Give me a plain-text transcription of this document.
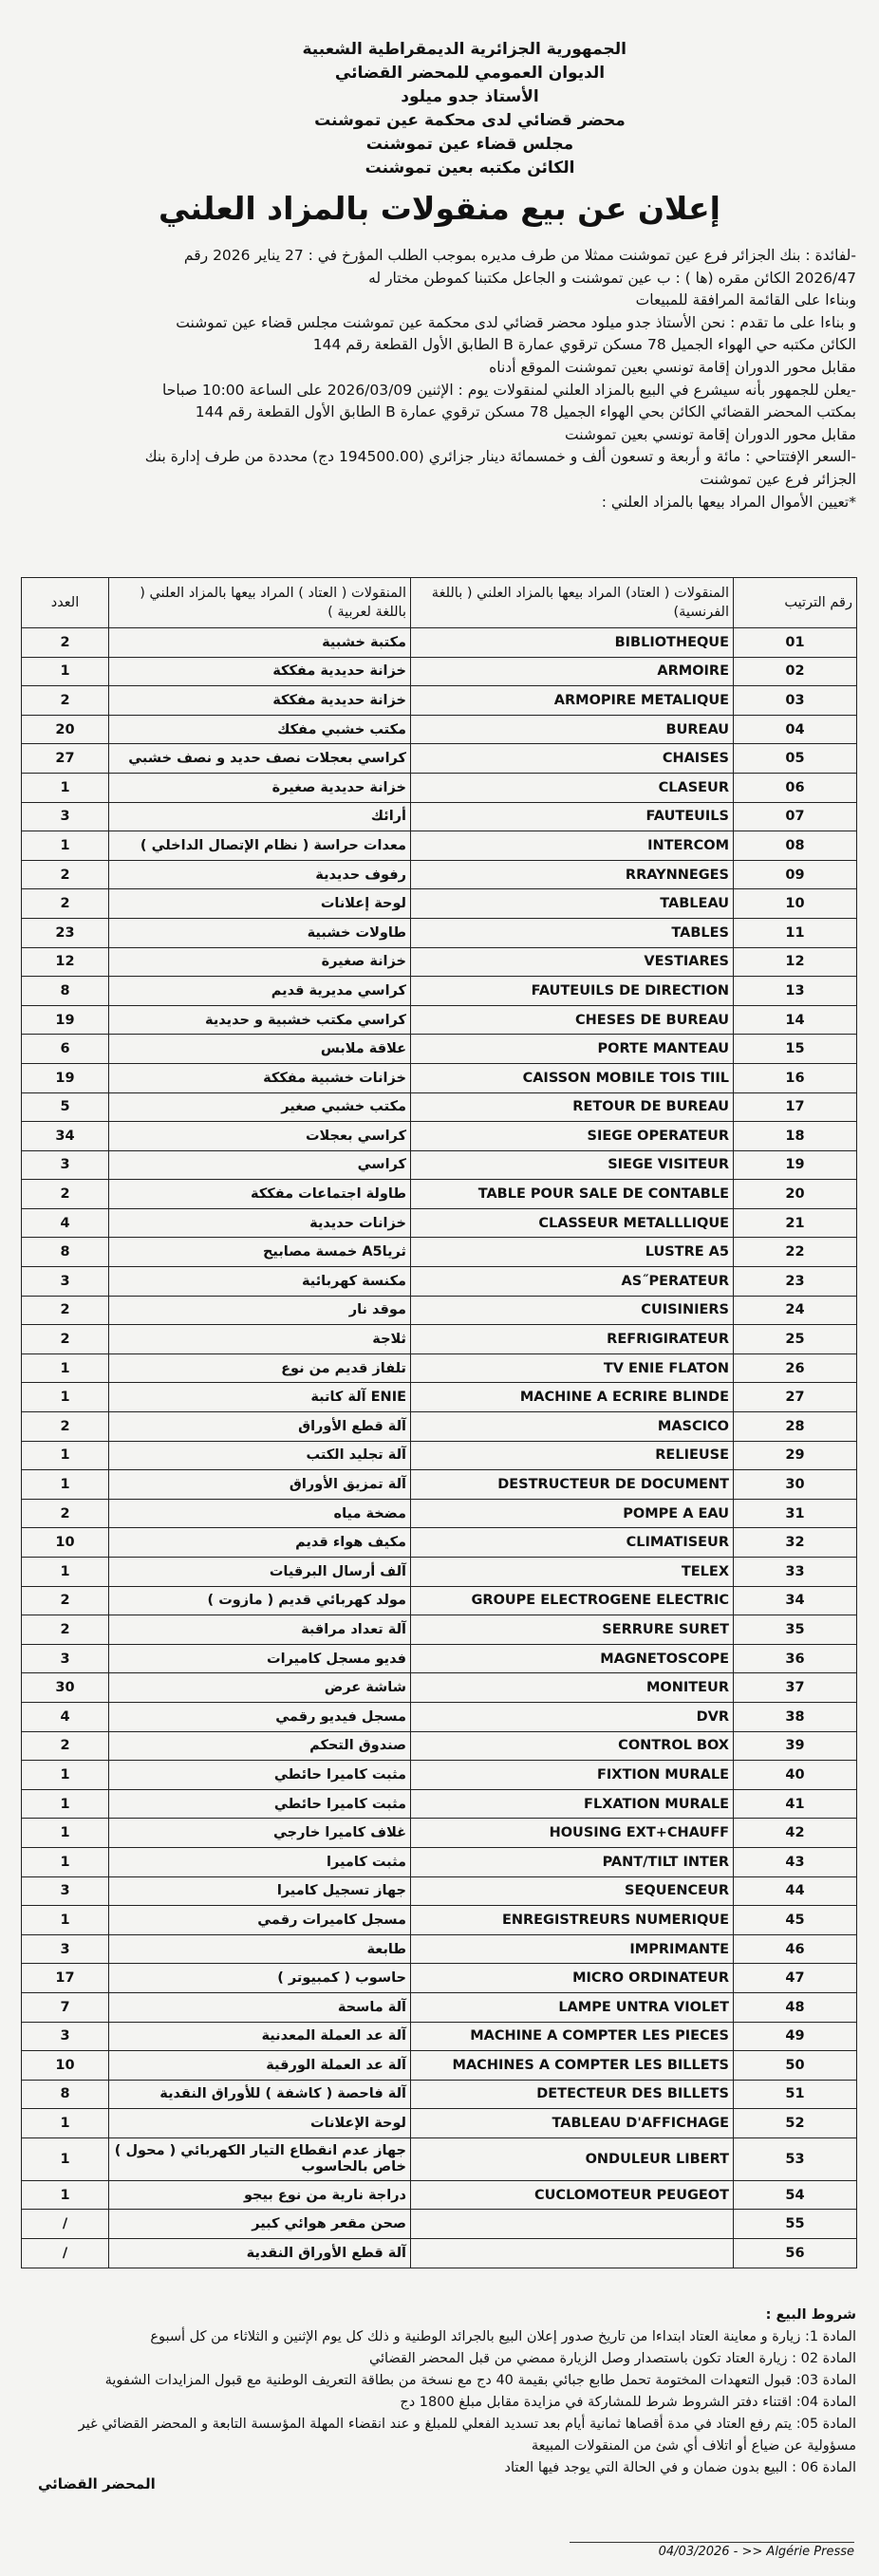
الجمهورية الجزائرية الديمقراطية الشعبية
الديوان العمومي للمحضر القضائي
الأستاذ جدو ميلود
محضر قضائي لدى محكمة عين تموشنت
مجلس قضاء عين تموشنت
الكائن مكتبه بعين تموشنت
إعلان عن بيع منقولات بالمزاد العلني
-لفائدة : بنك الجزائر فرع عين تموشنت ممثلا من طرف مديره بموجب الطلب المؤرخ في : 27 يناير 2026 رقم
2026/47 الكائن مقره (ها ) : ب عين تموشنت و الجاعل مكتبنا كموطن مختار له
وبناءا على القائمة المرافقة للمبيعات
و بناءا على ما تقدم : نحن الأستاذ جدو ميلود محضر قضائي لدى محكمة عين تموشنت مجلس قضاء عين تموشنت
الكائن مكتبه حي الهواء الجميل 78 مسكن ترقوي عمارة B الطابق الأول القطعة رقم 144
مقابل محور الدوران إقامة تونسي بعين تموشنت الموقع أدناه
-يعلن للجمهور بأنه سيشرع في البيع بالمزاد العلني لمنقولات يوم : الإثنين 2026/03/09 على الساعة 10:00 صباحا
بمكتب المحضر القضائي الكائن بحي الهواء الجميل 78 مسكن ترقوي عمارة B الطابق الأول القطعة رقم 144
مقابل محور الدوران إقامة تونسي بعين تموشنت
-السعر الإفتتاحي : مائة و أربعة و تسعون ألف و خمسمائة دينار جزائري (194500.00 دج) محددة من طرف إدارة بنك
الجزائر فرع عين تموشنت
*تعيين الأموال المراد بيعها بالمزاد العلني :
العدد	المنقولات ( العتاد ) المراد بيعها بالمزاد العلني ( باللغة لعربية )	المنقولات ( العتاد) المراد بيعها بالمزاد العلني ( باللغة الفرنسية)	رقم الترتيب
2	مكتبة خشبية	BIBLIOTHEQUE	01
1	خزانة حديدية مفككة	ARMOIRE	02
2	خزانة حديدية مفككة	ARMOPIRE METALIQUE	03
20	مكتب خشبي مفكك	BUREAU	04
27	كراسي بعجلات نصف حديد و نصف خشبي	CHAISES	05
1	خزانة حديدية صغيرة	CLASEUR	06
3	أرائك	FAUTEUILS	07
1	معدات حراسة ( نظام الإتصال الداخلي )	INTERCOM	08
2	رفوف حديدية	RRAYNNEGES	09
2	لوحة إعلانات	TABLEAU	10
23	طاولات خشبية	TABLES	11
12	خزانة صغيرة	VESTIARES	12
8	كراسي مديرية قديم	FAUTEUILS DE DIRECTION	13
19	كراسي مكتب خشبية و حديدية	CHESES DE BUREAU	14
6	علاقة ملابس	PORTE MANTEAU	15
19	خزانات خشبية مفككة	CAISSON MOBILE TOIS TIIL	16
5	مكتب خشبي صغير	RETOUR DE BUREAU	17
34	كراسي بعجلات	SIEGE OPERATEUR	18
3	كراسي	SIEGE VISITEUR	19
2	طاولة اجتماعات مفككة	TABLE POUR SALE DE CONTABLE	20
4	خزانات حديدية	CLASSEUR METALLLIQUE	21
8	ثرياA5 خمسة مصابيح	LUSTRE A5	22
3	مكنسة كهربائية	AS˝PERATEUR	23
2	موقد نار	CUISINIERS	24
2	ثلاجة	REFRIGIRATEUR	25
1	تلفاز قديم من نوع	TV ENIE FLATON	26
1	ENIE آلة كاتبة	MACHINE A ECRIRE BLINDE	27
2	آلة قطع الأوراق	MASCICO	28
1	آلة تجليد الكتب	RELIEUSE	29
1	آلة تمزيق الأوراق	DESTRUCTEUR DE DOCUMENT	30
2	مضخة مياه	POMPE A EAU	31
10	مكيف هواء قديم	CLIMATISEUR	32
1	آلف أرسال البرقيات	TELEX	33
2	مولد كهربائي قديم ( مازوت )	GROUPE ELECTROGENE ELECTRIC	34
2	آلة تعداد مراقبة	SERRURE SURET	35
3	فديو مسجل كاميرات	MAGNETOSCOPE	36
30	شاشة عرض	MONITEUR	37
4	مسجل فيديو رقمي	DVR	38
2	صندوق التحكم	CONTROL BOX	39
1	مثبت كاميرا حائطي	FIXTION MURALE	40
1	مثبت كاميرا حائطي	FLXATION MURALE	41
1	غلاف كاميرا خارجي	HOUSING EXT+CHAUFF	42
1	مثبت كاميرا	PANT/TILT INTER	43
3	جهاز تسجيل كاميرا	SEQUENCEUR	44
1	مسجل كاميرات رقمي	ENREGISTREURS NUMERIQUE	45
3	طابعة	IMPRIMANTE	46
17	حاسوب ( كمبيوتر )	MICRO ORDINATEUR	47
7	آلة ماسحة	LAMPE UNTRA VIOLET	48
3	آلة عد العملة المعدنية	MACHINE A COMPTER LES PIECES	49
10	آلة عد العملة الورقية	MACHINES A COMPTER LES BILLETS	50
8	آلة فاحصة ( كاشفة ) للأوراق النقدية	DETECTEUR DES BILLETS	51
1	لوحة الإعلانات	TABLEAU D'AFFICHAGE	52
1	جهاز عدم انقطاع التيار الكهربائي ( محول ) خاص بالحاسوب	ONDULEUR LIBERT	53
1	دراجة نارية من نوع بيجو	CUCLOMOTEUR PEUGEOT	54
/	صحن مقعر هوائي كبير		55
/	آلة قطع الأوراق النقدية		56
شروط البيع :
المادة 1: زيارة و معاينة العتاد ابتداءا من تاريخ صدور إعلان البيع بالجرائد الوطنية و ذلك كل يوم الإثنين و الثلاثاء من كل أسبوع
المادة 02 : زيارة العتاد تكون باستصدار وصل الزيارة ممضي من قبل المحضر القضائي
المادة 03: قبول التعهدات المختومة تحمل طابع جبائي بقيمة 40 دج مع نسخة من بطاقة التعريف الوطنية مع قبول المزايدات الشفوية
المادة 04: اقتناء دفتر الشروط شرط للمشاركة في مزايدة مقابل مبلغ 1800 دج
المادة 05: يتم رفع العتاد في مدة أقصاها ثمانية أيام بعد تسديد الفعلي للمبلغ و عند انقضاء المهلة المؤسسة التابعة و المحضر القضائي غير
مسؤولية عن ضياع أو اتلاف أي شئ من المنقولات المبيعة
المادة 06 : البيع بدون ضمان و في الحالة التي يوجد فيها العتاد
المحضر القضائي
04/03/2026 - >> Algérie Presse
